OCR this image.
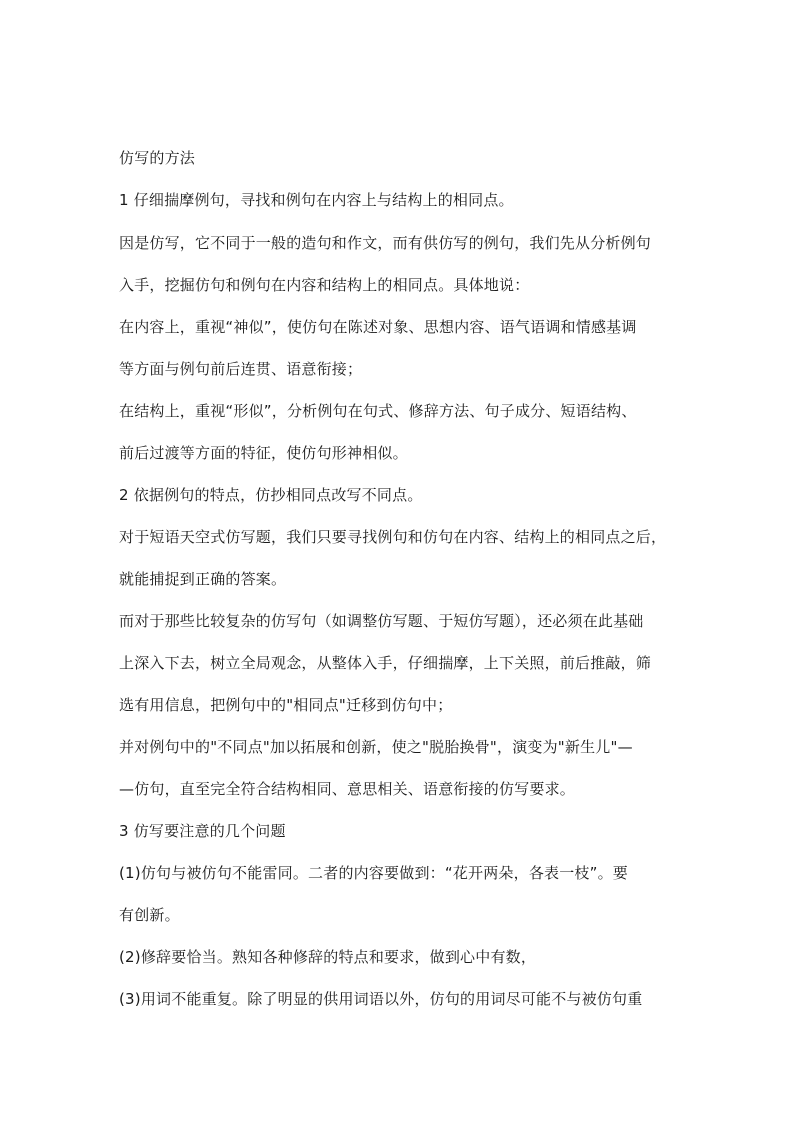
仿写的方法
1 仔细揣摩例句，寻找和例句在内容上与结构上的相同点。
因是仿写，它不同于一般的造句和作文，而有供仿写的例句，我们先从分析例句
入手，挖掘仿句和例句在内容和结构上的相同点。具体地说：
在内容上，重视“神似”，使仿句在陈述对象、思想内容、语气语调和情感基调
等方面与例句前后连贯、语意衔接；
在结构上，重视“形似”，分析例句在句式、修辞方法、句子成分、短语结构、
前后过渡等方面的特征，使仿句形神相似。
2 依据例句的特点，仿抄相同点改写不同点。
对于短语天空式仿写题，我们只要寻找例句和仿句在内容、结构上的相同点之后，
就能捕捉到正确的答案。
而对于那些比较复杂的仿写句（如调整仿写题、于短仿写题），还必须在此基础
上深入下去，树立全局观念，从整体入手，仔细揣摩，上下关照，前后推敲，筛
选有用信息，把例句中的"相同点"迁移到仿句中；
并对例句中的"不同点"加以拓展和创新，使之"脱胎换骨"，演变为"新生儿"—
—仿句，直至完全符合结构相同、意思相关、语意衔接的仿写要求。
3 仿写要注意的几个问题
(1)仿句与被仿句不能雷同。二者的内容要做到：“花开两朵，各表一枝”。要
有创新。
(2)修辞要恰当。熟知各种修辞的特点和要求，做到心中有数，
(3)用词不能重复。除了明显的供用词语以外，仿句的用词尽可能不与被仿句重
